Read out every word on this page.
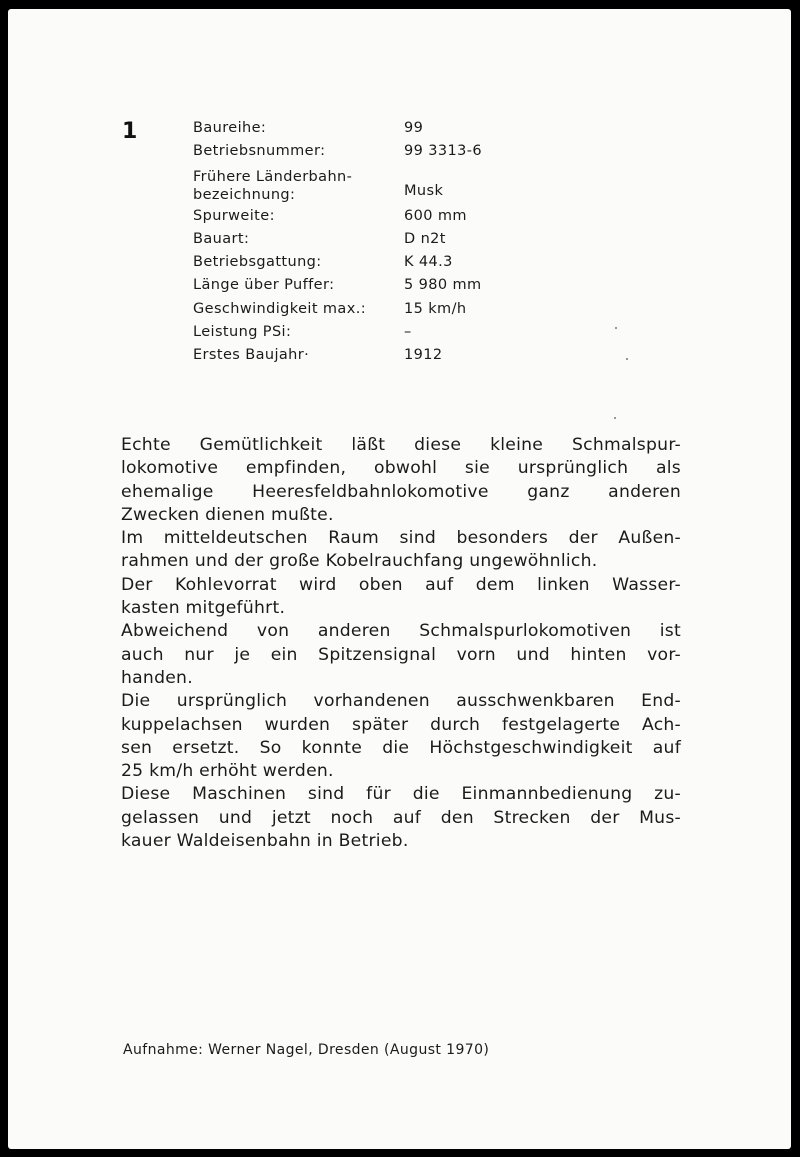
1	Baureihe:	99
Betriebsnummer:	99 3313-6
Frühere Länderbahn-
bezeichnung:	Musk
Spurweite:	600 mm
Bauart:	D n2t
Betriebsgattung:	K 44.3
Länge über Puffer:	5 980 mm
Geschwindigkeit max.:	15 km/h
Leistung PSi:	–
Erstes Baujahr·	1912
Echte Gemütlichkeit läßt diese kleine Schmalspur-
lokomotive empfinden, obwohl sie ursprünglich als
ehemalige Heeresfeldbahnlokomotive ganz anderen
Zwecken dienen mußte.
Im mitteldeutschen Raum sind besonders der Außen-
rahmen und der große Kobelrauchfang ungewöhnlich.
Der Kohlevorrat wird oben auf dem linken Wasser-
kasten mitgeführt.
Abweichend von anderen Schmalspurlokomotiven ist
auch nur je ein Spitzensignal vorn und hinten vor-
handen.
Die ursprünglich vorhandenen ausschwenkbaren End-
kuppelachsen wurden später durch festgelagerte Ach-
sen ersetzt. So konnte die Höchstgeschwindigkeit auf
25 km/h erhöht werden.
Diese Maschinen sind für die Einmannbedienung zu-
gelassen und jetzt noch auf den Strecken der Mus-
kauer Waldeisenbahn in Betrieb.
Aufnahme: Werner Nagel, Dresden (August 1970)
